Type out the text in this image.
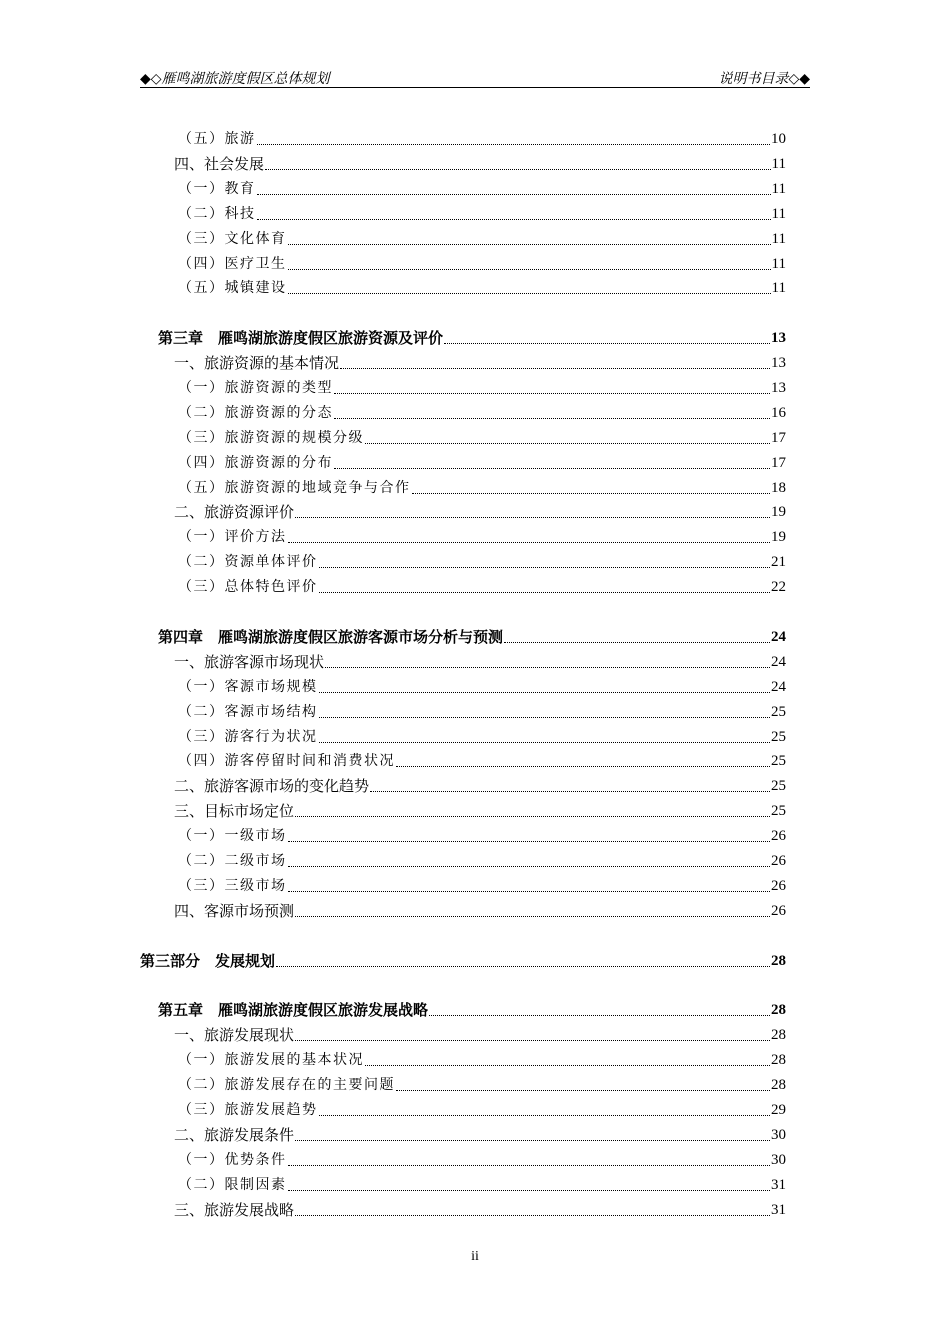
◆◇雁鸣湖旅游度假区总体规划	说明书目录◇◆
（五）旅游	10
四、社会发展	11
（一）教育	11
（二）科技	11
（三）文化体育	11
（四）医疗卫生	11
（五）城镇建设	11
第三章　雁鸣湖旅游度假区旅游资源及评价	13
一、旅游资源的基本情况	13
（一）旅游资源的类型	13
（二）旅游资源的分态	16
（三）旅游资源的规模分级	17
（四）旅游资源的分布	17
（五）旅游资源的地域竞争与合作	18
二、旅游资源评价	19
（一）评价方法	19
（二）资源单体评价	21
（三）总体特色评价	22
第四章　雁鸣湖旅游度假区旅游客源市场分析与预测	24
一、旅游客源市场现状	24
（一）客源市场规模	24
（二）客源市场结构	25
（三）游客行为状况	25
（四）游客停留时间和消费状况	25
二、旅游客源市场的变化趋势	25
三、目标市场定位	25
（一）一级市场	26
（二）二级市场	26
（三）三级市场	26
四、客源市场预测	26
第三部分　发展规划	28
第五章　雁鸣湖旅游度假区旅游发展战略	28
一、旅游发展现状	28
（一）旅游发展的基本状况	28
（二）旅游发展存在的主要问题	28
（三）旅游发展趋势	29
二、旅游发展条件	30
（一）优势条件	30
（二）限制因素	31
三、旅游发展战略	31
ii
